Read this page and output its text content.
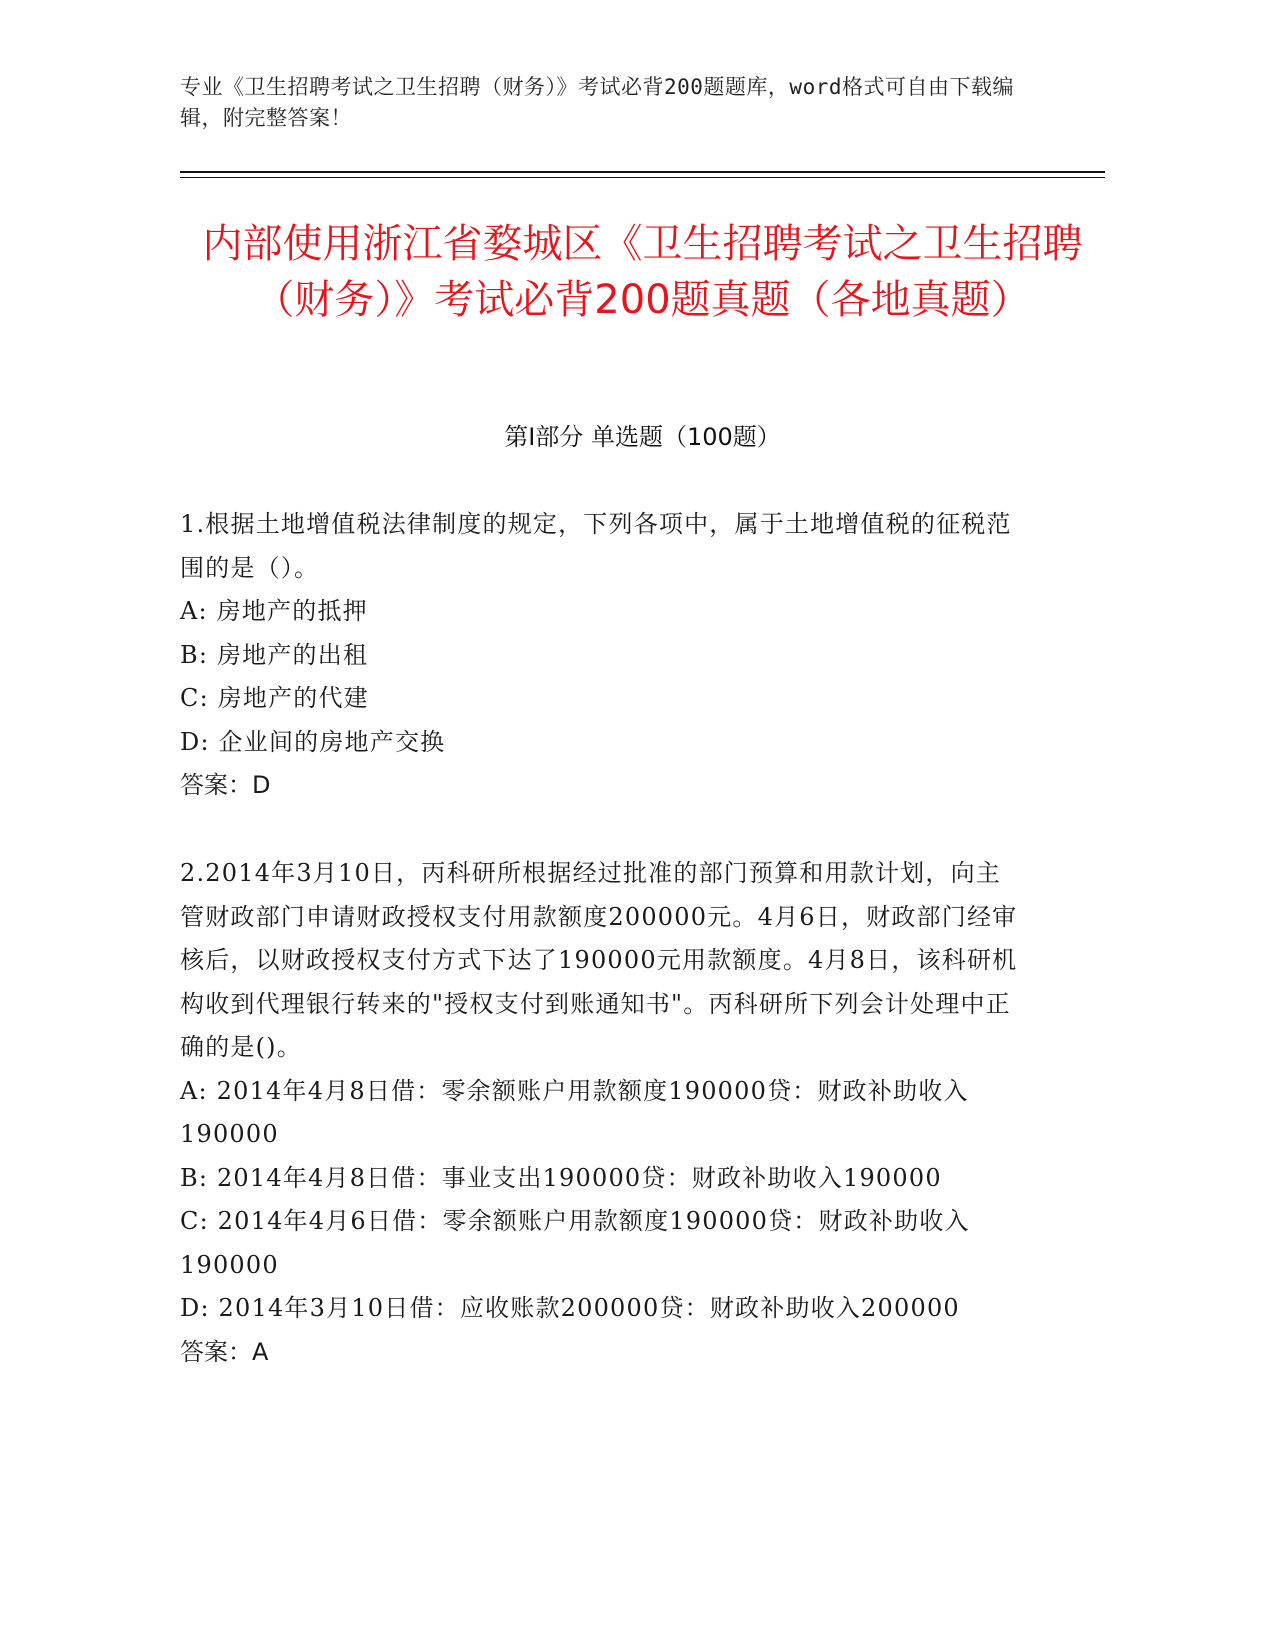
专业《卫生招聘考试之卫生招聘（财务）》考试必背200题题库，word格式可自由下载编辑，附完整答案！
内部使用浙江省婺城区《卫生招聘考试之卫生招聘（财务）》考试必背200题真题（各地真题）
第I部分 单选题（100题）
1.根据土地增值税法律制度的规定，下列各项中，属于土地增值税的征税范围的是（）。
A: 房地产的抵押
B: 房地产的出租
C: 房地产的代建
D: 企业间的房地产交换
答案：D
2.2014年3月10日，丙科研所根据经过批准的部门预算和用款计划，向主管财政部门申请财政授权支付用款额度200000元。4月6日，财政部门经审核后，以财政授权支付方式下达了190000元用款额度。4月8日，该科研机构收到代理银行转来的"授权支付到账通知书"。丙科研所下列会计处理中正确的是()。
A: 2014年4月8日借：零余额账户用款额度190000贷：财政补助收入190000
B: 2014年4月8日借：事业支出190000贷：财政补助收入190000
C: 2014年4月6日借：零余额账户用款额度190000贷：财政补助收入190000
D: 2014年3月10日借：应收账款200000贷：财政补助收入200000
答案：A
